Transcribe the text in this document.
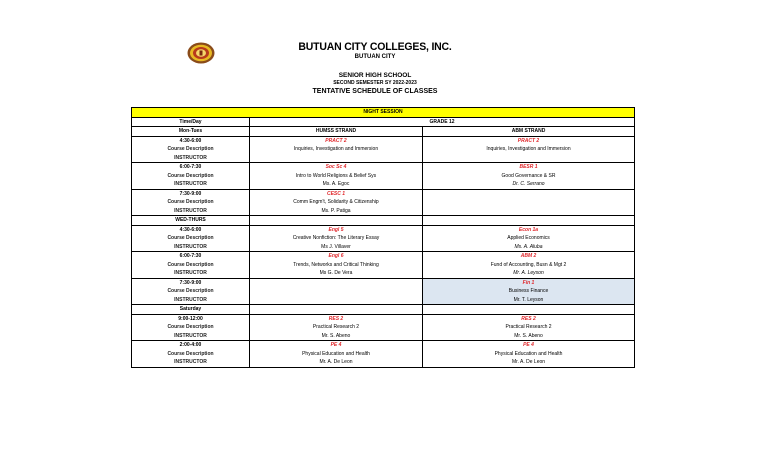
BUTUAN CITY COLLEGES, INC.
BUTUAN CITY
SENIOR HIGH SCHOOL
SECOND SEMESTER SY 2022-2023
TENTATIVE SCHEDULE OF CLASSES
NIGHT SESSION		
Time/Day	GRADE 12	
Mon-Tues	HUMSS STRAND	ABM STRAND
4:30-6:00	PRACT 2	PRACT 2
Course Description	Inquiries, Investigation and Immersion	Inquiries, Investigation and Immersion
INSTRUCTOR		
6:00-7:30	Soc Sc 4	BESR 1
Course Description	Intro to World Religions & Belief Sys	Good Governance & SR
INSTRUCTOR	Ms. A. Egoc	Dr. C. Serrano
7:30-9:00	CESC 1	
Course Description	Comm Engm't, Solidarity & Citizenship	
INSTRUCTOR	Ms. P. Patiga	
WED-THURS		
4:30-6:00	Engl 5	Econ 1a
Course Description	Creative Nonfiction: The Literary Essay	Applied Economics
INSTRUCTOR	Ms J. Villaver	Ms. A. Aluba
6:00-7:30	Engl 6	ABM 2
Course Description	Trends, Networks and Critical Thinking	Fund of Accounting, Busn & Mgt 2
INSTRUCTOR	Ms G. De Vera	Mr. A. Leyson
7:30-9:00		Fin 1
Course Description		Business Finance
INSTRUCTOR		Mr. T. Leyson
Saturday		
9:00-12:00	RES 2	RES 2
Course Description	Practical Research 2	Practical Research 2
INSTRUCTOR	Mr. S. Abeno	Mr. S. Abeno
2:00-4:00	PE 4	PE 4
Course Description	Physical Education and Health	Physical Education and Health
INSTRUCTOR	Mr. A. De Leon	Mr. A. De Leon
